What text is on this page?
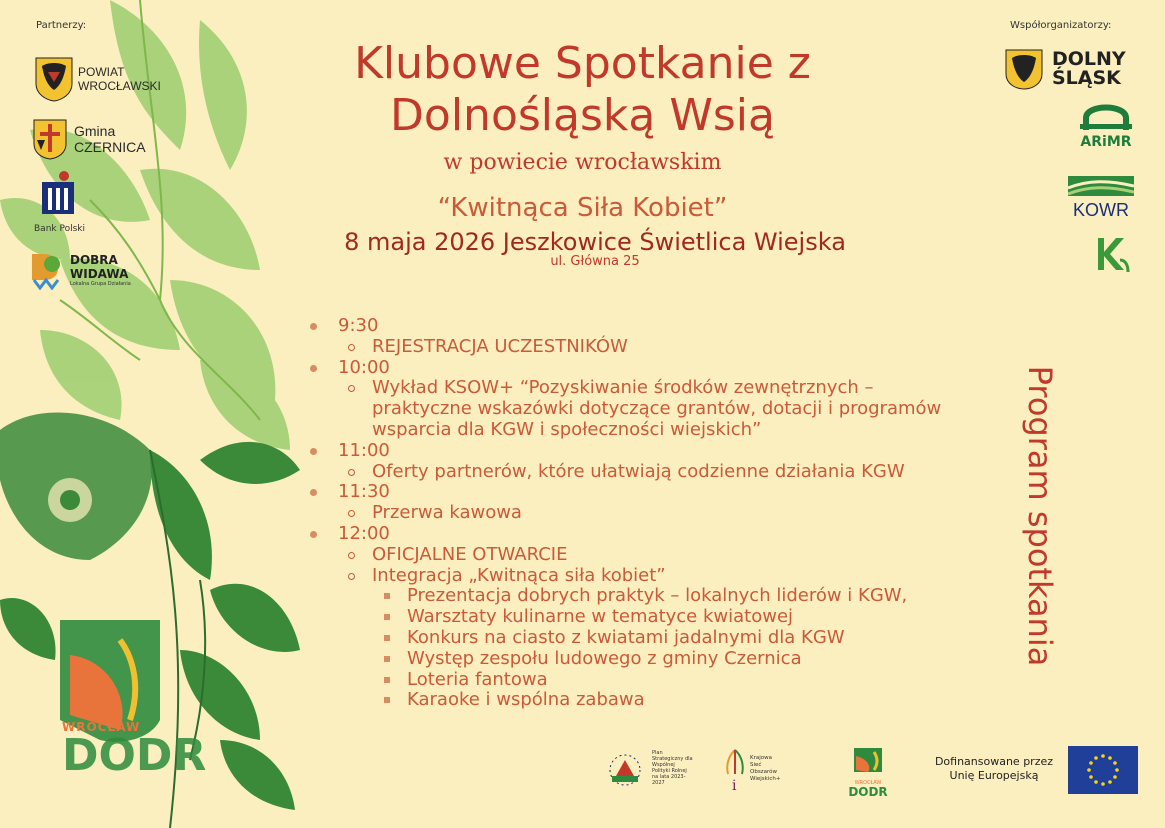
WROCŁAW
DODR
Partnerzy:
POWIAT
WROCŁAWSKI
Gmina
CZERNICA
Bank Polski
DOBRA
WIDAWA
Lokalna Grupa Działania
Współorganizatorzy:
DOLNY
ŚLĄSK
ARiMR
KOWR
Klubowe Spotkanie z
Dolnośląską Wsią
w powiecie wrocławskim
“Kwitnąca Siła Kobiet”
8 maja 2026 Jeszkowice Świetlica Wiejska
ul. Główna 25
9:30
REJESTRACJA UCZESTNIKÓW
10:00
Wykład KSOW+ “Pozyskiwanie środków zewnętrznych –
praktyczne wskazówki dotyczące grantów, dotacji i programów
wsparcia dla KGW i społeczności wiejskich”
11:00
Oferty partnerów, które ułatwiają codzienne działania KGW
11:30
Przerwa kawowa
12:00
OFICJALNE OTWARCIE
Integracja „Kwitnąca siła kobiet”
Prezentacja dobrych praktyk – lokalnych liderów i KGW,
Warsztaty kulinarne w tematyce kwiatowej
Konkurs na ciasto z kwiatami jadalnymi dla KGW
Występ zespołu ludowego z gminy Czernica
Loteria fantowa
Karaoke i wspólna zabawa
Program spotkania
Plan Strategiczny dla Wspólnej Polityki Rolnej na lata 2023-2027	i
Krajowa
Sieć
Obszarów
Wiejskich+
WROCŁAW
DODR
Dofinansowane przez
Unię Europejską
